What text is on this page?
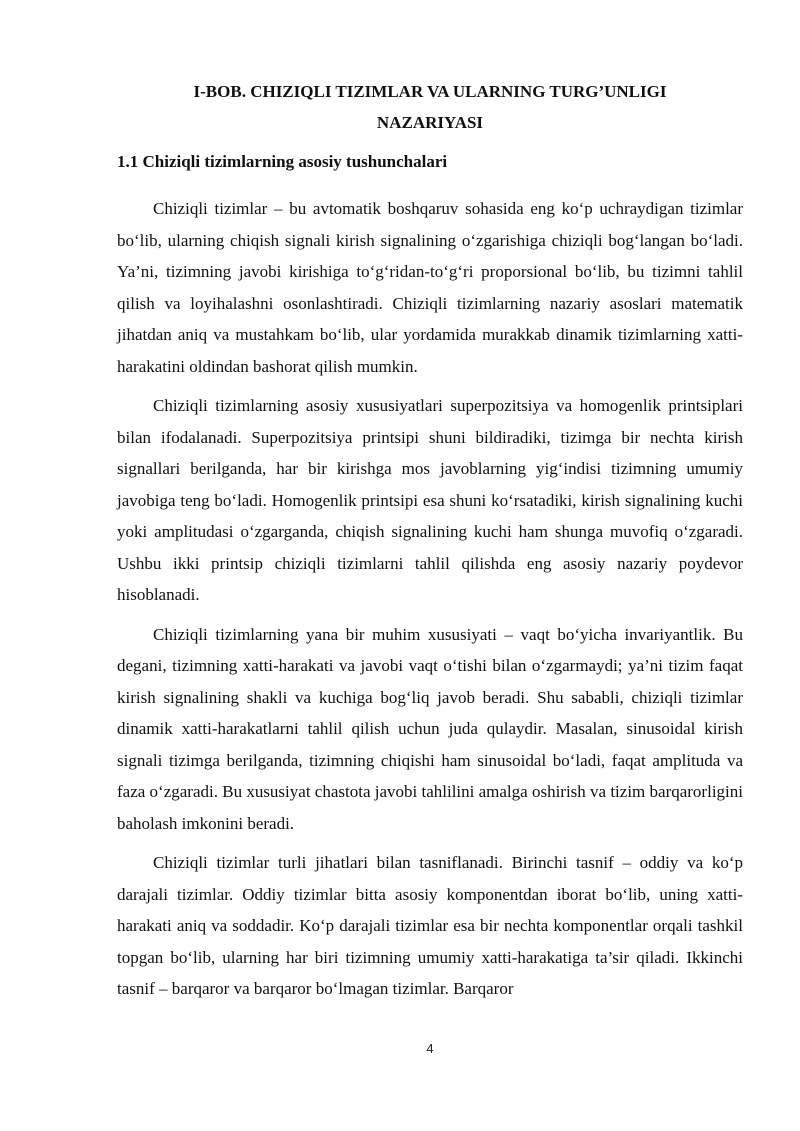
I-BOB. CHIZIQLI TIZIMLAR VA ULARNING TURG’UNLIGI
NAZARIYASI
1.1 Chiziqli tizimlarning asosiy tushunchalari

Chiziqli tizimlar – bu avtomatik boshqaruv sohasida eng ko‘p uchraydigan tizimlar bo‘lib, ularning chiqish signali kirish signalining o‘zgarishiga chiziqli bog‘langan bo‘ladi. Ya’ni, tizimning javobi kirishiga to‘g‘ridan-to‘g‘ri proporsional bo‘lib, bu tizimni tahlil qilish va loyihalashni osonlashtiradi. Chiziqli tizimlarning nazariy asoslari matematik jihatdan aniq va mustahkam bo‘lib, ular yordamida murakkab dinamik tizimlarning xatti-harakatini oldindan bashorat qilish mumkin.

Chiziqli tizimlarning asosiy xususiyatlari superpozitsiya va homogenlik printsiplari bilan ifodalanadi. Superpozitsiya printsipi shuni bildiradiki, tizimga bir nechta kirish signallari berilganda, har bir kirishga mos javoblarning yig‘indisi tizimning umumiy javobiga teng bo‘ladi. Homogenlik printsipi esa shuni ko‘rsatadiki, kirish signalining kuchi yoki amplitudasi o‘zgarganda, chiqish signalining kuchi ham shunga muvofiq o‘zgaradi. Ushbu ikki printsip chiziqli tizimlarni tahlil qilishda eng asosiy nazariy poydevor hisoblanadi.

Chiziqli tizimlarning yana bir muhim xususiyati – vaqt bo‘yicha invariyantlik. Bu degani, tizimning xatti-harakati va javobi vaqt o‘tishi bilan o‘zgarmaydi; ya’ni tizim faqat kirish signalining shakli va kuchiga bog‘liq javob beradi. Shu sababli, chiziqli tizimlar dinamik xatti-harakatlarni tahlil qilish uchun juda qulaydir. Masalan, sinusoidal kirish signali tizimga berilganda, tizimning chiqishi ham sinusoidal bo‘ladi, faqat amplituda va faza o‘zgaradi. Bu xususiyat chastota javobi tahlilini amalga oshirish va tizim barqarorligini baholash imkonini beradi.

Chiziqli tizimlar turli jihatlari bilan tasniflanadi. Birinchi tasnif – oddiy va ko‘p darajali tizimlar. Oddiy tizimlar bitta asosiy komponentdan iborat bo‘lib, uning xatti-harakati aniq va soddadir. Ko‘p darajali tizimlar esa bir nechta komponentlar orqali tashkil topgan bo‘lib, ularning har biri tizimning umumiy xatti-harakatiga ta’sir qiladi. Ikkinchi tasnif – barqaror va barqaror bo‘lmagan tizimlar. Barqaror

4
